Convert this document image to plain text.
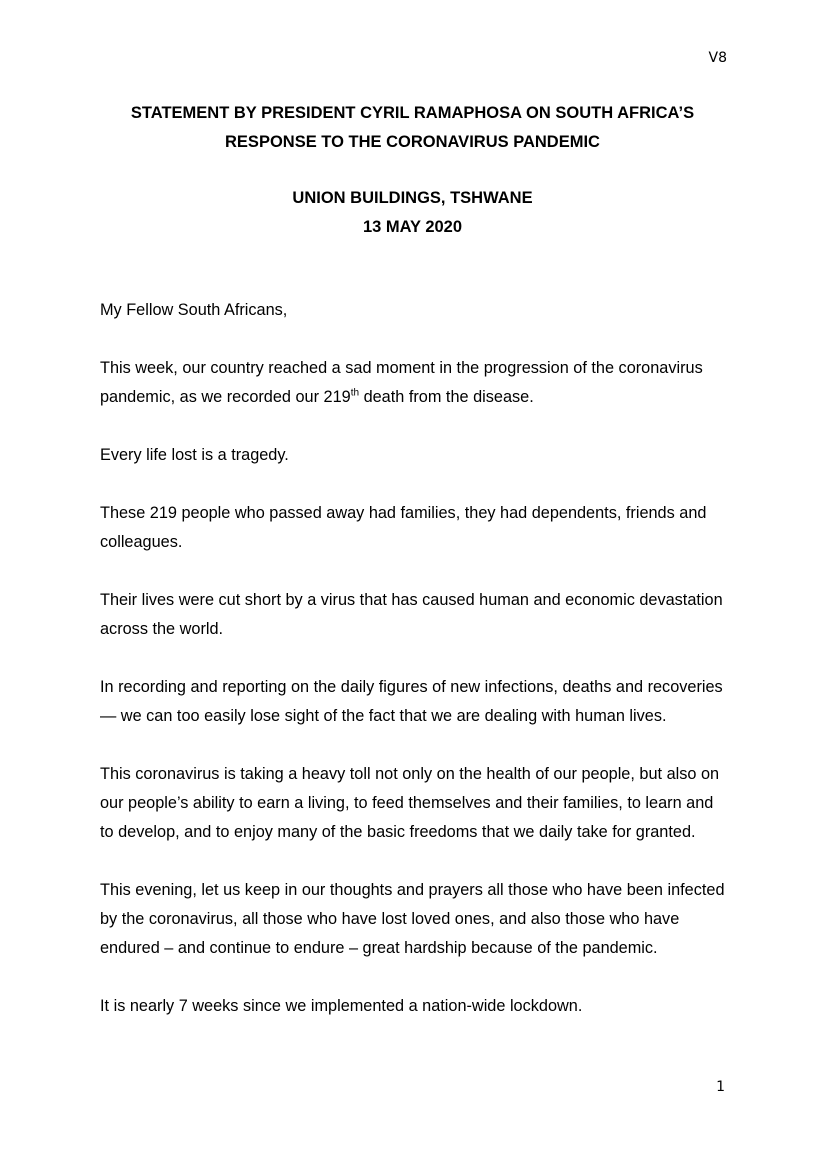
V8

STATEMENT BY PRESIDENT CYRIL RAMAPHOSA ON SOUTH AFRICA’S

RESPONSE TO THE CORONAVIRUS PANDEMIC

UNION BUILDINGS, TSHWANE

13 MAY 2020

My Fellow South Africans,

This week, our country reached a sad moment in the progression of the coronavirus pandemic, as we recorded our 219th death from the disease.

Every life lost is a tragedy.

These 219 people who passed away had families, they had dependents, friends and colleagues.

Their lives were cut short by a virus that has caused human and economic devastation across the world.

In recording and reporting on the daily figures of new infections, deaths and recoveries — we can too easily lose sight of the fact that we are dealing with human lives.

This coronavirus is taking a heavy toll not only on the health of our people, but also on our people’s ability to earn a living, to feed themselves and their families, to learn and to develop, and to enjoy many of the basic freedoms that we daily take for granted.

This evening, let us keep in our thoughts and prayers all those who have been infected by the coronavirus, all those who have lost loved ones, and also those who have endured – and continue to endure – great hardship because of the pandemic.

It is nearly 7 weeks since we implemented a nation-wide lockdown.

1
